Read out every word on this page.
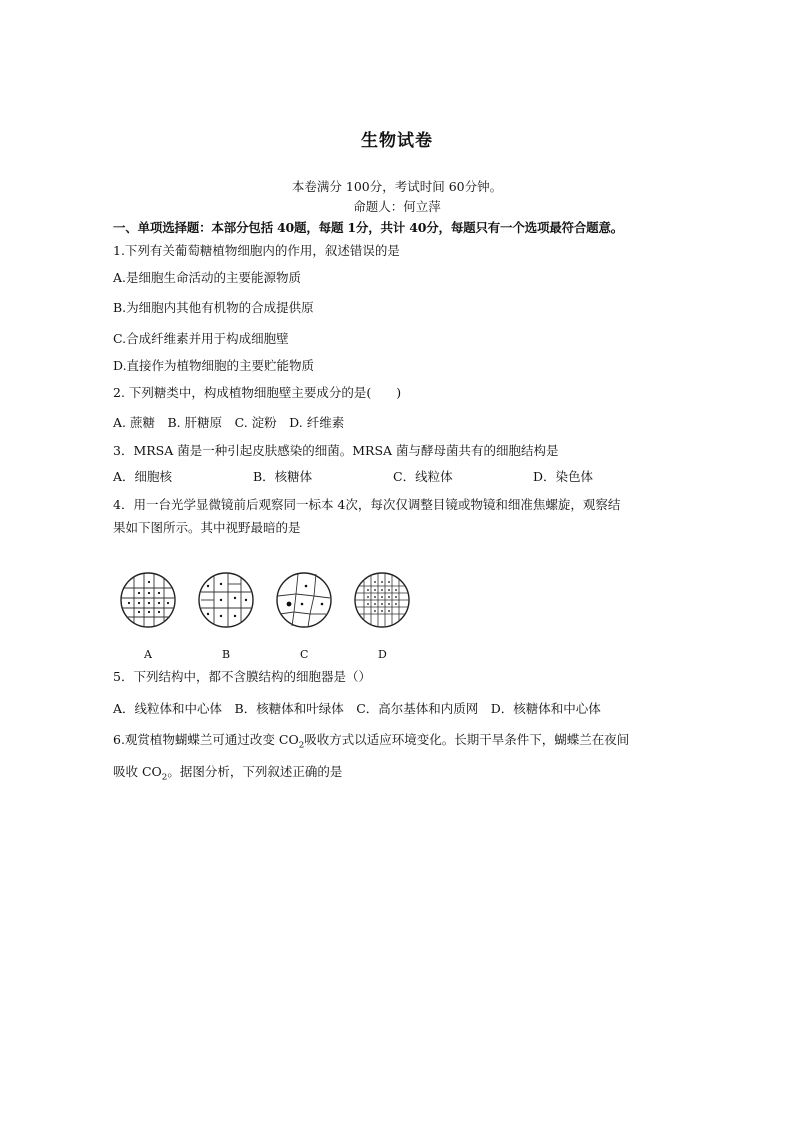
生物试卷
本卷满分 100分，考试时间 60分钟。
命题人：何立萍
一、单项选择题：本部分包括 40题，每题 1分，共计 40分，每题只有一个选项最符合题意。
1.下列有关葡萄糖植物细胞内的作用，叙述错误的是
A.是细胞生命活动的主要能源物质
B.为细胞内其他有机物的合成提供原
C.合成纤维素并用于构成细胞壁
D.直接作为植物细胞的主要贮能物质
2. 下列糖类中，构成植物细胞壁主要成分的是(　　)
A. 蔗糖　B. 肝糖原　C. 淀粉　D. 纤维素
3．MRSA 菌是一种引起皮肤感染的细菌。MRSA 菌与酵母菌共有的细胞结构是
A．细胞核	B．核糖体	C．线粒体	D．染色体
4．用一台光学显微镜前后观察同一标本 4次，每次仅调整目镜或物镜和细准焦螺旋，观察结
果如下图所示。其中视野最暗的是
A	B	C	D
5．下列结构中，都不含膜结构的细胞器是（）
A．线粒体和中心体　B．核糖体和叶绿体　C．高尔基体和内质网　D．核糖体和中心体
6.观赏植物蝴蝶兰可通过改变 $CO_2$吸收方式以适应环境变化。长期干旱条件下，蝴蝶兰在夜间
吸收 $CO_2$。据图分析，下列叙述正确的是
